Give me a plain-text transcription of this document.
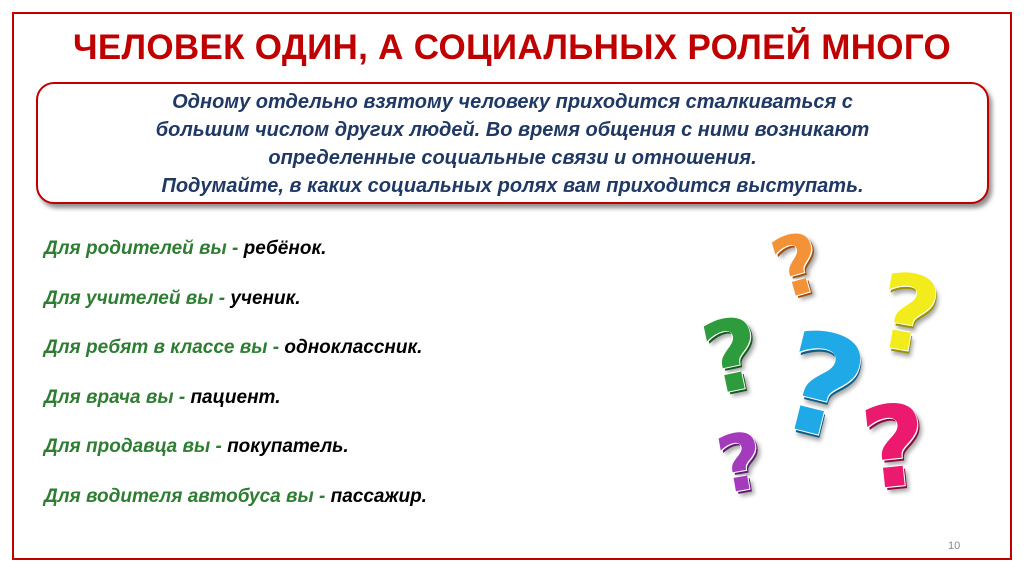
ЧЕЛОВЕК ОДИН, А СОЦИАЛЬНЫХ РОЛЕЙ МНОГО
Одному отдельно взятому человеку приходится сталкиваться с
большим числом других людей. Во время общения с ними возникают
определенные социальные связи и отношения.
Подумайте, в каких социальных ролях вам приходится выступать.
Для родителей вы - ребёнок.
Для учителей вы - ученик.
Для ребят в классе вы - одноклассник.
Для врача вы - пациент.
Для продавца вы - покупатель.
Для водителя автобуса вы - пассажир.
? ?
?
?
?
?
10
